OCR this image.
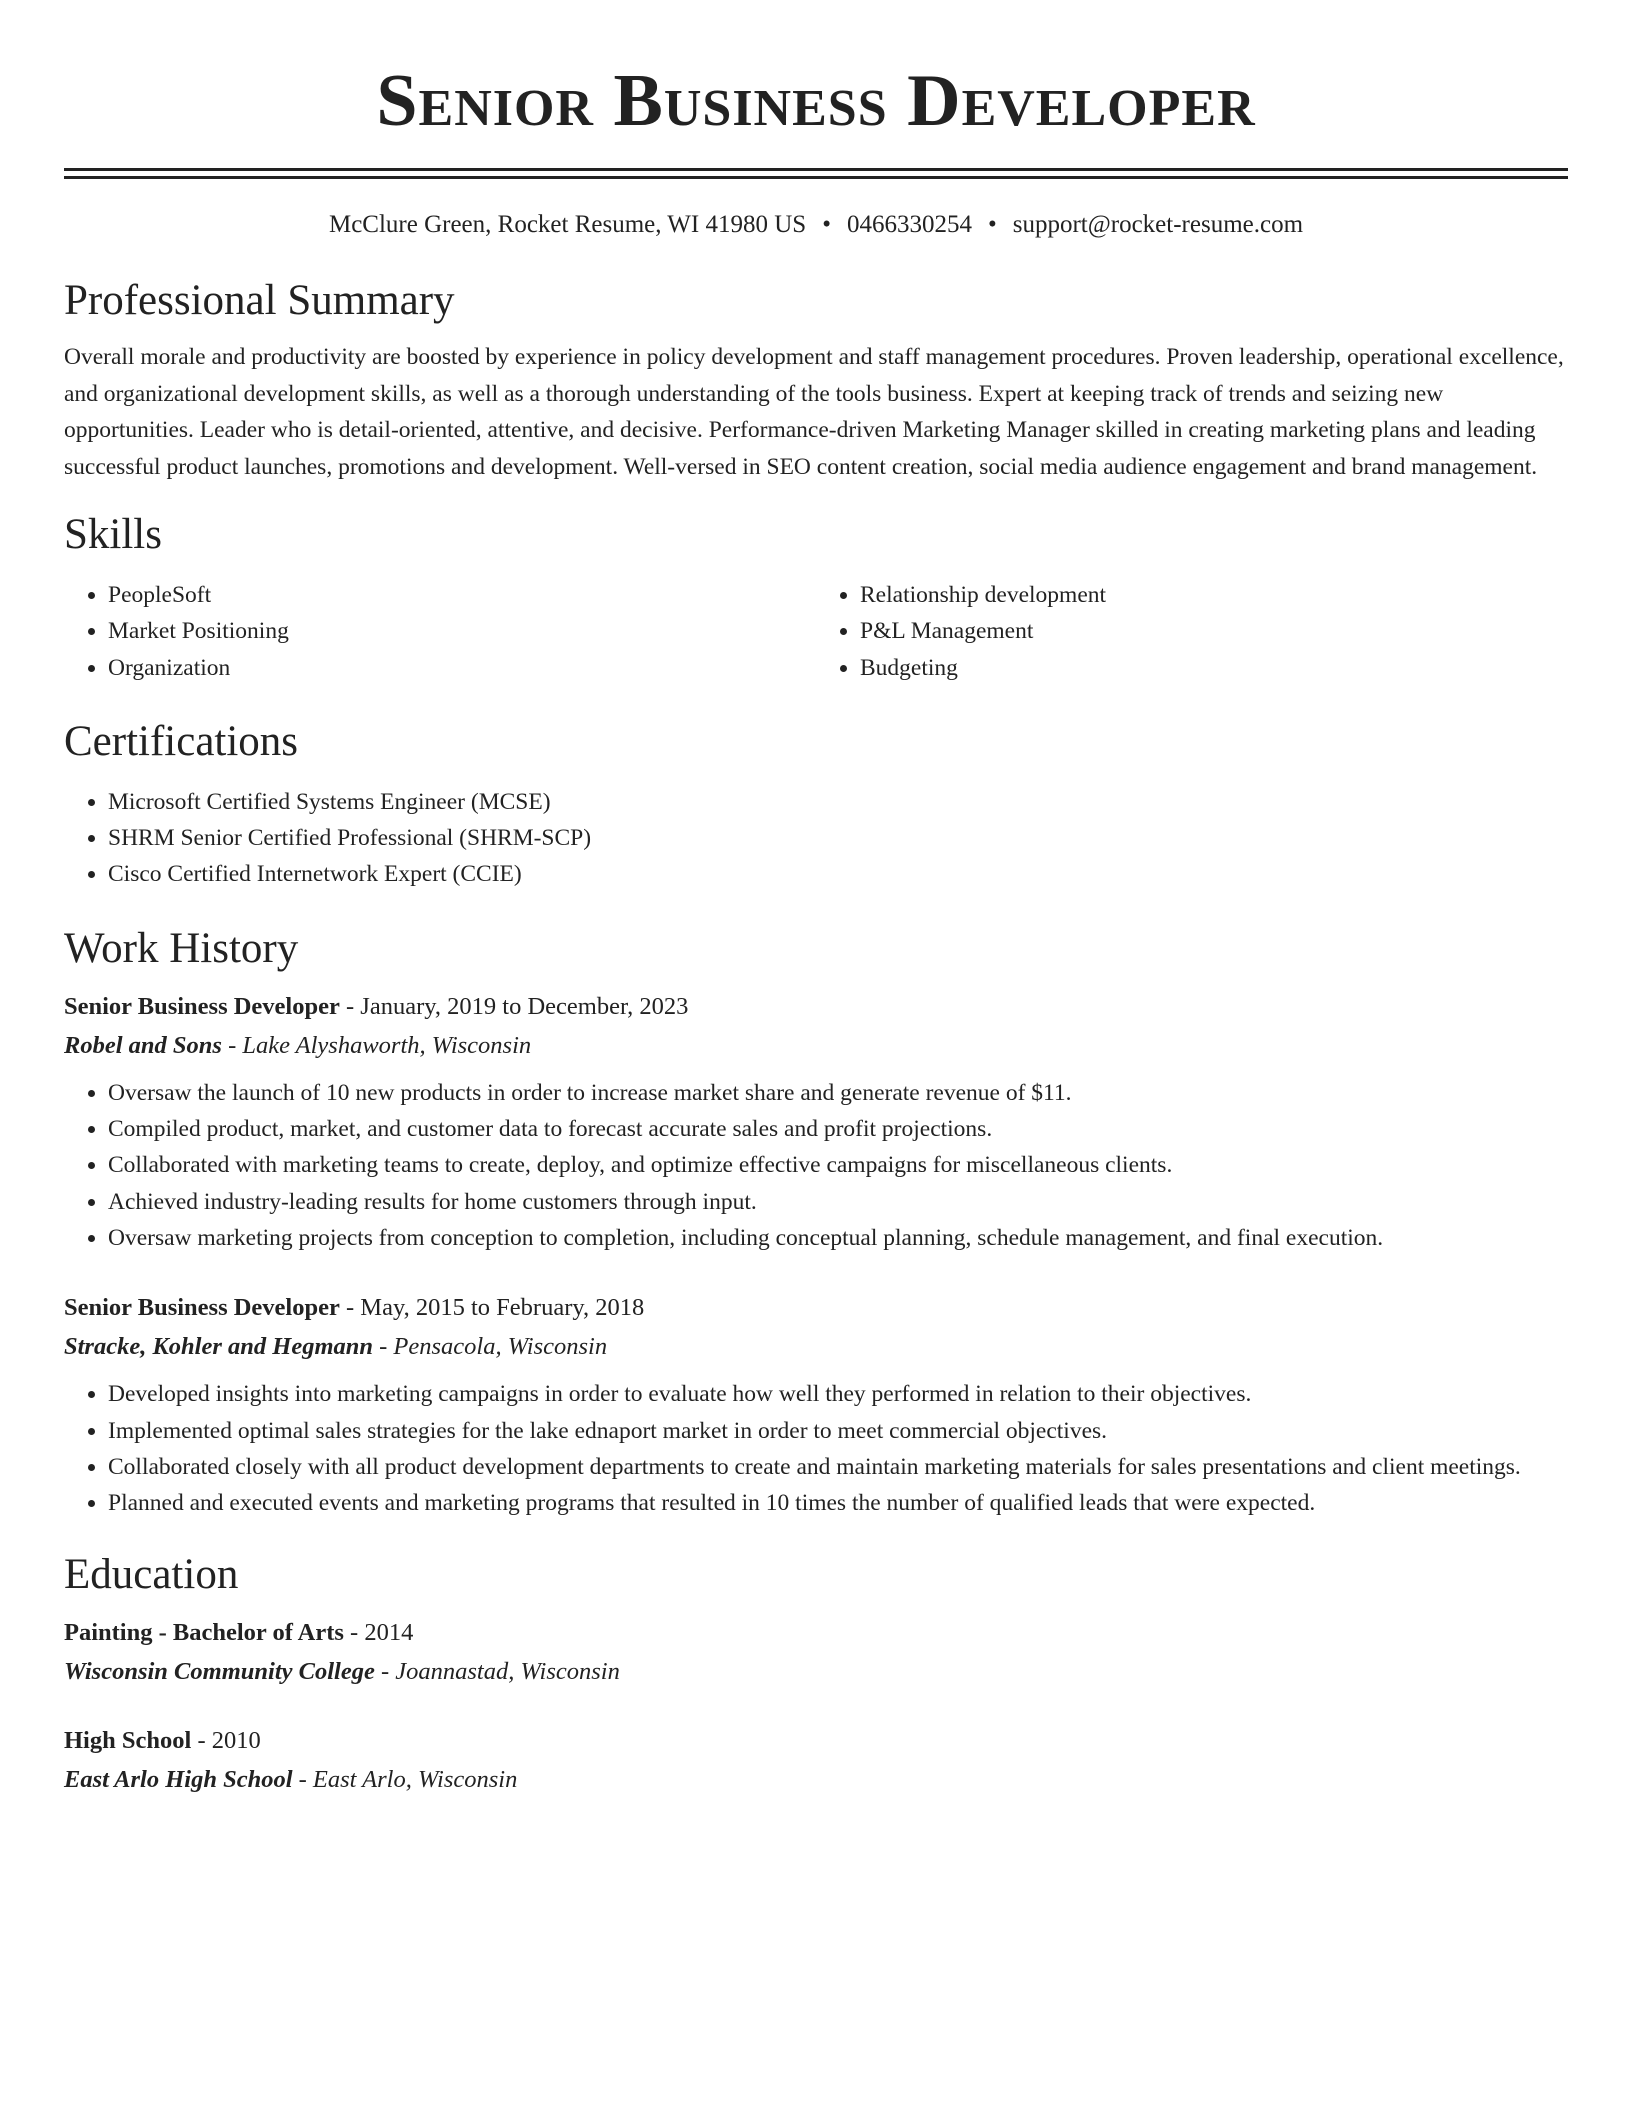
Senior Business Developer
McClure Green, Rocket Resume, WI 41980 US • 0466330254 • support@rocket-resume.com
Professional Summary

Overall morale and productivity are boosted by experience in policy development and staff management procedures. Proven leadership, operational excellence, and organizational development skills, as well as a thorough understanding of the tools business. Expert at keeping track of trends and seizing new opportunities. Leader who is detail-oriented, attentive, and decisive. Performance-driven Marketing Manager skilled in creating marketing plans and leading successful product launches, promotions and development. Well-versed in SEO content creation, social media audience engagement and brand management.

Skills
• PeopleSoft
• Market Positioning
• Organization
• Relationship development
• P&L Management
• Budgeting
Certifications
• Microsoft Certified Systems Engineer (MCSE)
• SHRM Senior Certified Professional (SHRM-SCP)
• Cisco Certified Internetwork Expert (CCIE)
Work History
Senior Business Developer - January, 2019 to December, 2023
Robel and Sons - Lake Alyshaworth, Wisconsin
• Oversaw the launch of 10 new products in order to increase market share and generate revenue of $11.
• Compiled product, market, and customer data to forecast accurate sales and profit projections.
• Collaborated with marketing teams to create, deploy, and optimize effective campaigns for miscellaneous clients.
• Achieved industry-leading results for home customers through input.
• Oversaw marketing projects from conception to completion, including conceptual planning, schedule management, and final execution.
Senior Business Developer - May, 2015 to February, 2018
Stracke, Kohler and Hegmann - Pensacola, Wisconsin
• Developed insights into marketing campaigns in order to evaluate how well they performed in relation to their objectives.
• Implemented optimal sales strategies for the lake ednaport market in order to meet commercial objectives.
• Collaborated closely with all product development departments to create and maintain marketing materials for sales presentations and client meetings.
• Planned and executed events and marketing programs that resulted in 10 times the number of qualified leads that were expected.
Education
Painting - Bachelor of Arts - 2014
Wisconsin Community College - Joannastad, Wisconsin
High School - 2010
East Arlo High School - East Arlo, Wisconsin
